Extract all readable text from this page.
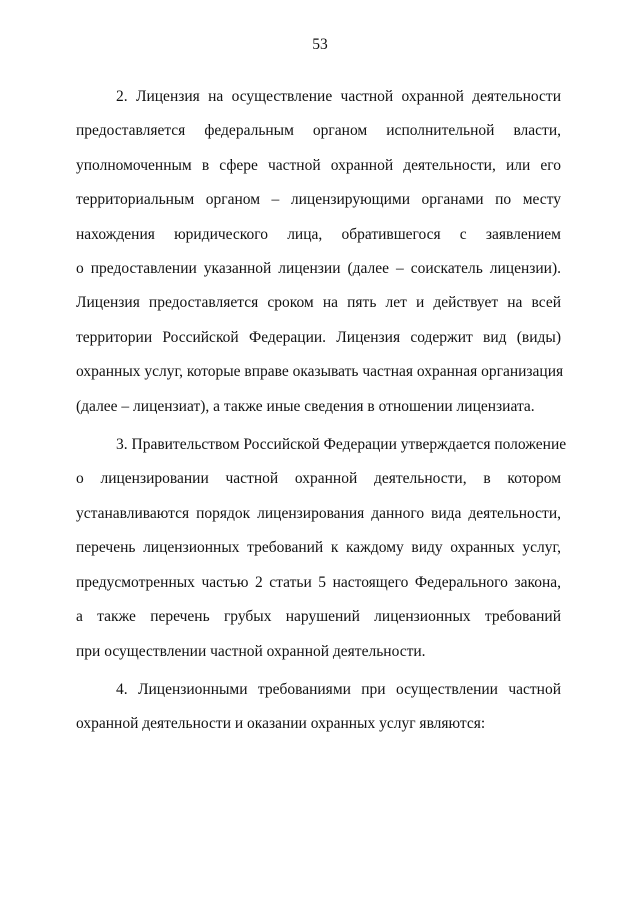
53
2. Лицензия на осуществление частной охранной деятельности
предоставляется федеральным органом исполнительной власти,
уполномоченным в сфере частной охранной деятельности, или его
территориальным органом – лицензирующими органами по месту
нахождения юридического лица, обратившегося с заявлением
о предоставлении указанной лицензии (далее – соискатель лицензии).
Лицензия предоставляется сроком на пять лет и действует на всей
территории Российской Федерации. Лицензия содержит вид (виды)
охранных услуг, которые вправе оказывать частная охранная организация
(далее – лицензиат), а также иные сведения в отношении лицензиата.
3. Правительством Российской Федерации утверждается положение
о лицензировании частной охранной деятельности, в котором
устанавливаются порядок лицензирования данного вида деятельности,
перечень лицензионных требований к каждому виду охранных услуг,
предусмотренных частью 2 статьи 5 настоящего Федерального закона,
а также перечень грубых нарушений лицензионных требований
при осуществлении частной охранной деятельности.
4. Лицензионными требованиями при осуществлении частной
охранной деятельности и оказании охранных услуг являются:
